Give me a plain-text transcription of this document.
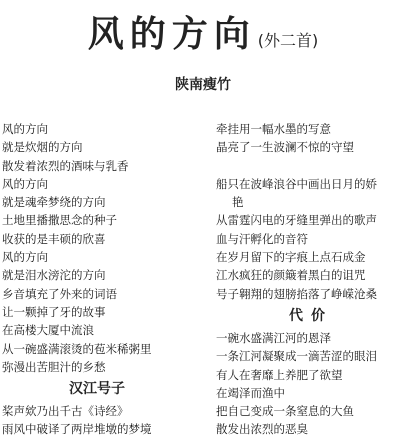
风的方向 (外二首)
陕南瘦竹
风的方向
就是炊烟的方向
散发着浓烈的酒味与乳香
风的方向
就是魂牵梦绕的方向
土地里播撒思念的种子
收获的是丰硕的欣喜
风的方向
就是泪水滂沱的方向
乡音填充了外来的词语
让一颗掉了牙的故事
在高楼大厦中流浪
从一碗盛满滚烫的苞米稀粥里
弥漫出苦胆汁的乡愁
汉江号子
桨声欸乃出千古《诗经》
雨风中破译了两岸堆墩的梦境
牵挂用一幅水墨的写意
晶亮了一生波澜不惊的守望
船只在波峰浪谷中画出日月的娇
艳
从雷霆闪电的牙缝里弹出的歌声
血与汗孵化的音符
在岁月留下的字痕上点石成金
江水疯狂的颜簸着黑白的诅咒
号子翱翔的翅膀掐落了峥嵘沧桑
代价
一碗水盛满江河的恩泽
一条江河凝聚成一滴苦涩的眼泪
有人在奢靡上养肥了欲望
在竭泽而渔中
把自己变成一条窒息的大鱼
散发出浓烈的恶臭
